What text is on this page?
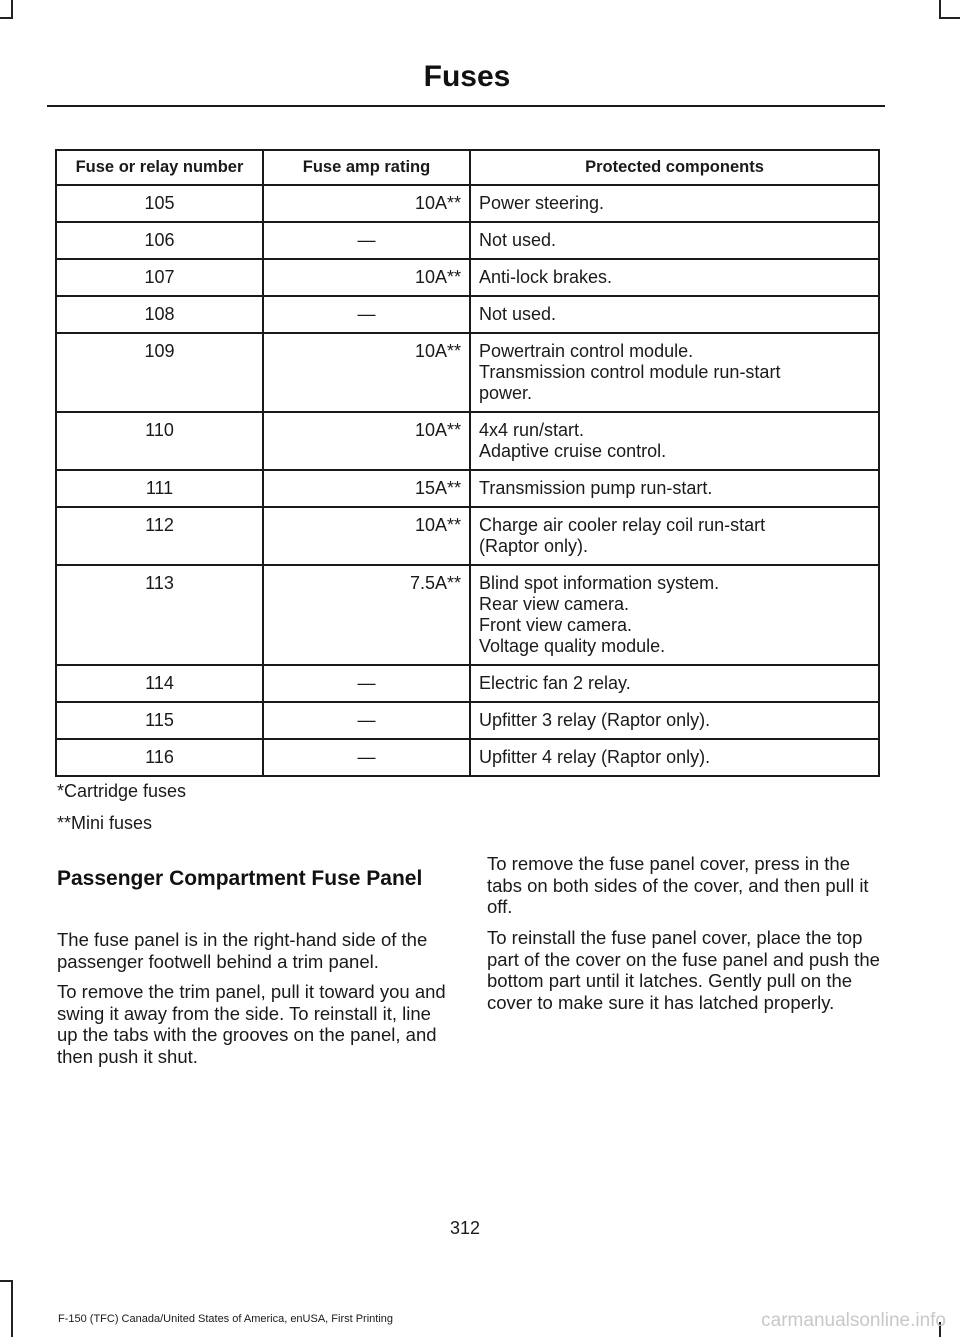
Fuses
Fuse or relay number	Fuse amp rating	Protected components
105	10A**	Power steering.

106	—	Not used.

107	10A**	Anti-lock brakes.

108	—	Not used.

109	10A**	Powertrain control module.
Transmission control module run-start
power.

110	10A**	4x4 run/start.
Adaptive cruise control.

111	15A**	Transmission pump run-start.

112	10A**	Charge air cooler relay coil run-start
(Raptor only).

113	7.5A**	Blind spot information system.
Rear view camera.
Front view camera.
Voltage quality module.

114	—	Electric fan 2 relay.

115	—	Upfitter 3 relay (Raptor only).

116	—	Upfitter 4 relay (Raptor only).
*Cartridge fuses
**Mini fuses
Passenger Compartment Fuse Panel

The fuse panel is in the right-hand side of the passenger footwell behind a trim panel.

To remove the trim panel, pull it toward you and swing it away from the side. To reinstall it, line up the tabs with the grooves on the panel, and then push it shut.

To remove the fuse panel cover, press in the tabs on both sides of the cover, and then pull it off.

To reinstall the fuse panel cover, place the top part of the cover on the fuse panel and push the bottom part until it latches. Gently pull on the cover to make sure it has latched properly.

312
F-150 (TFC) Canada/United States of America, enUSA, First Printing	carmanualsonline.info
